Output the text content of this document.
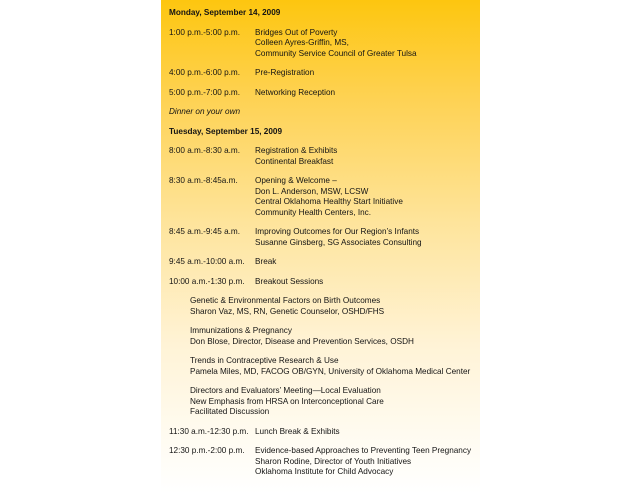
Monday, September 14, 2009
1:00 p.m.-5:00 p.m.	Bridges Out of Poverty
Colleen Ayres-Griffin, MS,
Community Service Council of Greater Tulsa
4:00 p.m.-6:00 p.m.	Pre-Registration
5:00 p.m.-7:00 p.m.	Networking Reception
Dinner on your own
Tuesday, September 15, 2009
8:00 a.m.-8:30 a.m.	Registration & Exhibits
Continental Breakfast
8:30 a.m.-8:45a.m.	Opening & Welcome –
Don L. Anderson, MSW, LCSW
Central Oklahoma Healthy Start Initiative
Community Health Centers, Inc.
8:45 a.m.-9:45 a.m.	Improving Outcomes for Our Region’s Infants
Susanne Ginsberg, SG Associates Consulting
9:45 a.m.-10:00 a.m.	Break
10:00 a.m.-1:30 p.m.	Breakout Sessions
Genetic & Environmental Factors on Birth Outcomes
Sharon Vaz, MS, RN, Genetic Counselor, OSHD/FHS
Immunizations & Pregnancy
Don Blose, Director, Disease and Prevention Services, OSDH
Trends in Contraceptive Research & Use
Pamela Miles, MD, FACOG OB/GYN, University of Oklahoma Medical Center
Directors and Evaluators’ Meeting—Local Evaluation
New Emphasis from HRSA on Interconceptional Care
Facilitated Discussion
11:30 a.m.-12:30 p.m. Lunch Break & Exhibits
12:30 p.m.-2:00 p.m.	Evidence-based Approaches to Preventing Teen Pregnancy
Sharon Rodine, Director of Youth Initiatives
Oklahoma Institute for Child Advocacy
